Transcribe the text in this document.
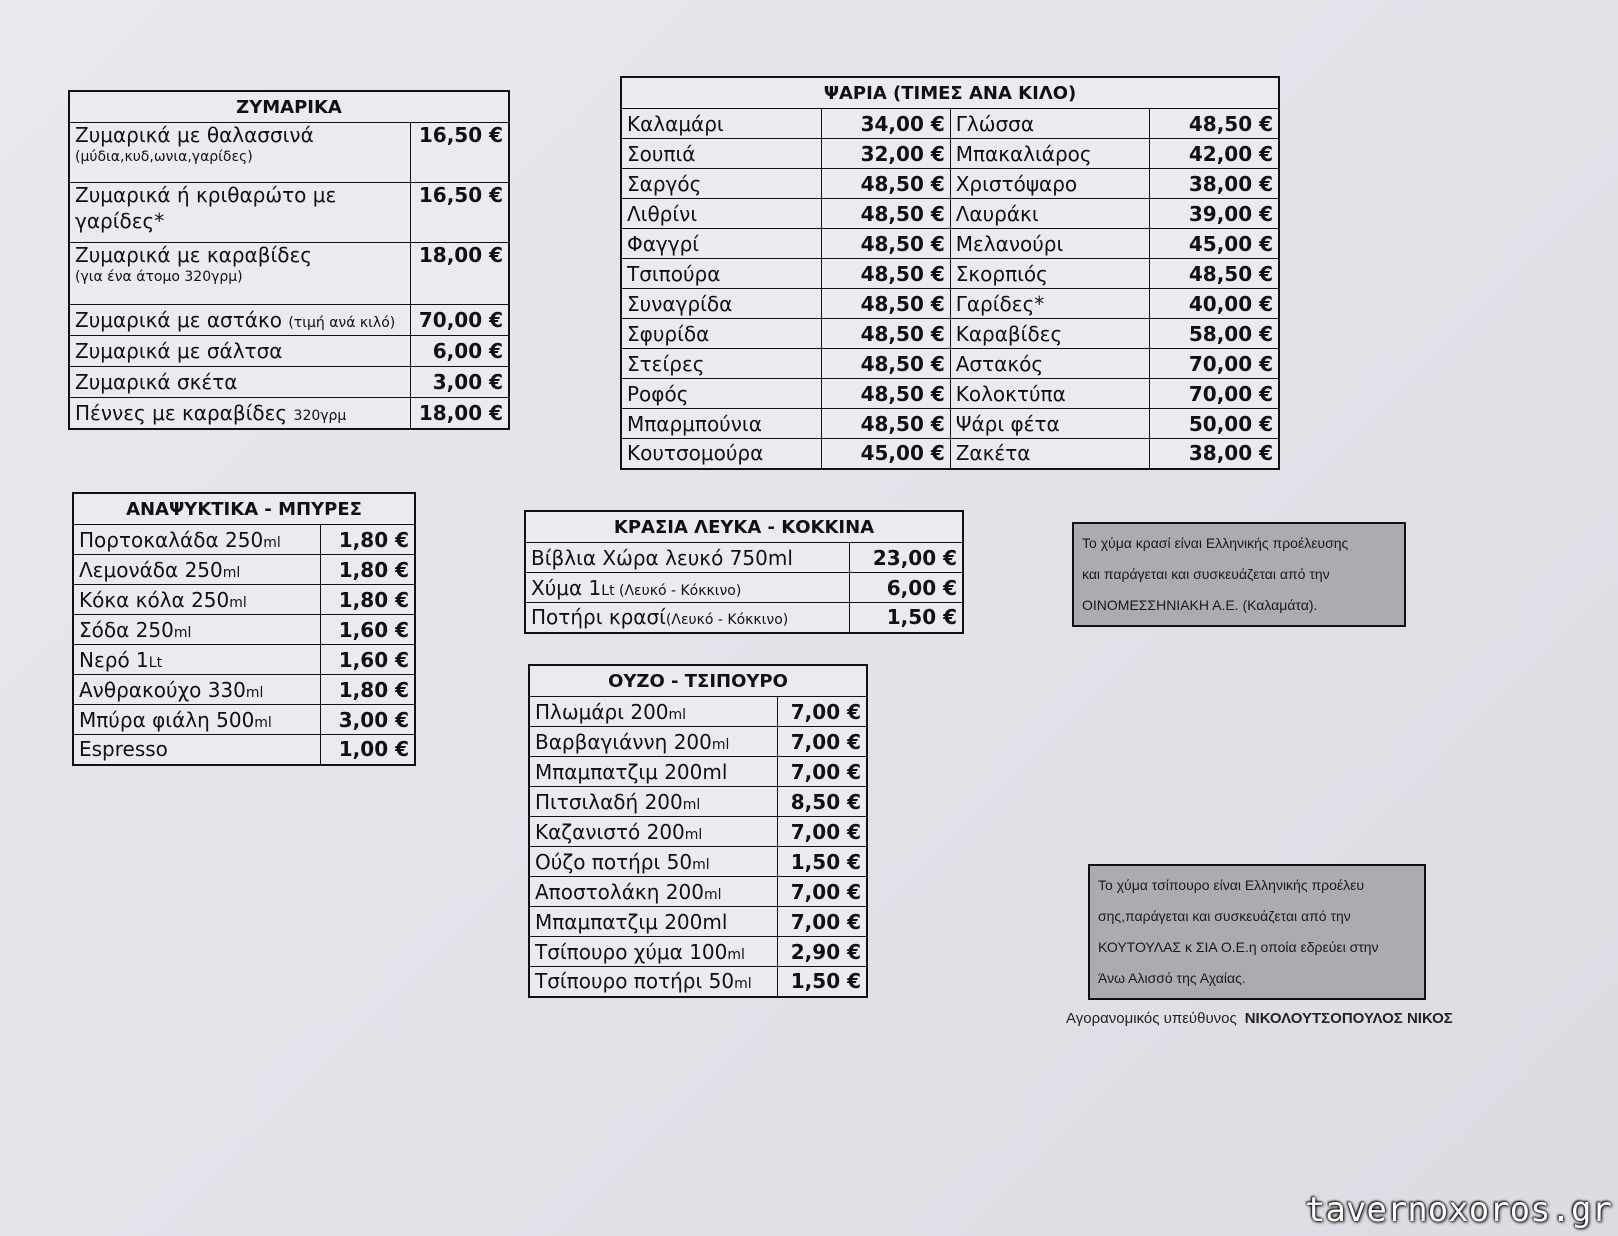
ΖΥΜΑΡΙΚΑ	
Ζυμαρικά με θαλασσινά
(μύδια,κυδ,ωνια,γαρίδες)	16,50 €
Ζυμαρικά ή κριθαρώτο με
γαρίδες*	16,50 €
Ζυμαρικά με καραβίδες
(για ένα άτομο 320γρμ)	18,00 €
Ζυμαρικά με αστάκο (τιμή ανά κιλό)	70,00 €
Ζυμαρικά με σάλτσα	6,00 €
Ζυμαρικά σκέτα	3,00 €
Πέννες με καραβίδες 320γρμ	18,00 €
ΨΑΡΙΑ (ΤΙΜΕΣ ΑΝΑ ΚΙΛΟ)			
Καλαμάρι	34,00 €	Γλώσσα	48,50 €
Σουπιά	32,00 €	Μπακαλιάρος	42,00 €
Σαργός	48,50 €	Χριστόψαρο	38,00 €
Λιθρίνι	48,50 €	Λαυράκι	39,00 €
Φαγγρί	48,50 €	Μελανούρι	45,00 €
Τσιπούρα	48,50 €	Σκορπιός	48,50 €
Συναγρίδα	48,50 €	Γαρίδες*	40,00 €
Σφυρίδα	48,50 €	Καραβίδες	58,00 €
Στείρες	48,50 €	Αστακός	70,00 €
Ροφός	48,50 €	Κολοκτύπα	70,00 €
Μπαρμπούνια	48,50 €	Ψάρι φέτα	50,00 €
Κουτσομούρα	45,00 €	Ζακέτα	38,00 €
ΑΝΑΨΥΚΤΙΚΑ - ΜΠΥΡΕΣ	
Πορτοκαλάδα 250ml	1,80 €
Λεμονάδα 250ml	1,80 €
Κόκα κόλα 250ml	1,80 €
Σόδα 250ml	1,60 €
Νερό 1Lt	1,60 €
Ανθρακούχο 330ml	1,80 €
Μπύρα φιάλη 500ml	3,00 €
Espresso	1,00 €
ΚΡΑΣΙΑ ΛΕΥΚΑ - ΚΟΚΚΙΝΑ	
Βίβλια Χώρα λευκό 750ml	23,00 €
Χύμα 1Lt (Λευκό - Κόκκινο)	6,00 €
Ποτήρι κρασί(Λευκό - Κόκκινο)	1,50 €
ΟΥΖΟ - ΤΣΙΠΟΥΡΟ	
Πλωμάρι 200ml	7,00 €
Βαρβαγιάννη 200ml	7,00 €
Μπαμπατζιμ 200ml	7,00 €
Πιτσιλαδή 200ml	8,50 €
Καζανιστό 200ml	7,00 €
Ούζο ποτήρι 50ml	1,50 €
Αποστολάκη 200ml	7,00 €
Μπαμπατζιμ 200ml	7,00 €
Τσίπουρο χύμα 100ml	2,90 €
Τσίπουρο ποτήρι 50ml	1,50 €
Το χύμα κρασί είναι Ελληνικής προέλευσης
και παράγεται και συσκευάζεται από την
ΟΙΝΟΜΕΣΣΗΝΙΑΚΗ Α.Ε. (Καλαμάτα).
Το χύμα τσίπουρο είναι Ελληνικής προέλευ
σης,παράγεται και συσκευάζεται από την
ΚΟΥΤΟΥΛΑΣ κ ΣΙΑ Ο.Ε.η οποία εδρεύει στην
Άνω Αλισσό της Αχαίας.
Αγορανομικός υπεύθυνος ΝΙΚΟΛΟΥΤΣΟΠΟΥΛΟΣ ΝΙΚΟΣ
tavernoxoros.gr
